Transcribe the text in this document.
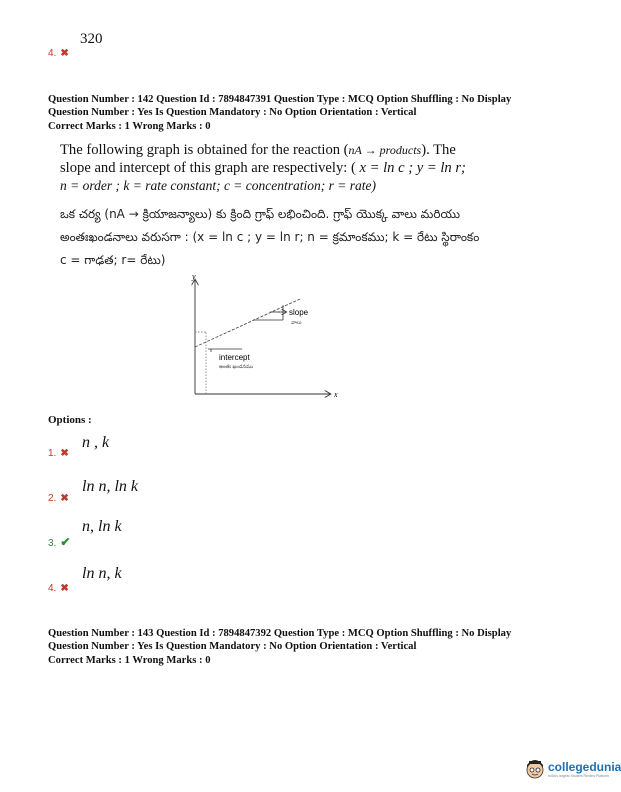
4. ✖
320
Question Number : 142 Question Id : 7894847391 Question Type : MCQ Option Shuffling : No Display
Question Number : Yes Is Question Mandatory : No Option Orientation : Vertical
Correct Marks : 1 Wrong Marks : 0
The following graph is obtained for the reaction (nA → products). The
slope and intercept of this graph are respectively: ( x = ln c ; y = ln r;
n = order ; k = rate constant; c = concentration; r = rate)
ఒక చర్య (nA → క్రియాజన్యాలు) కు క్రింది గ్రాఫ్ లభించింది. గ్రాఫ్ యొక్క వాలు మరియు
అంతఃఖండనాలు వరుసగా : (x = ln c ; y = ln r; n = క్రమాంకము; k = రేటు స్థిరాంకం
c = గాఢత; r= రేటు)
y
x
slope
వాలు
intercept
అంతః ఖండనము
Options :
1. ✖
n , k
2. ✖
ln n, ln k
3. ✔
n, ln k
4. ✖
ln n, k
Question Number : 143 Question Id : 7894847392 Question Type : MCQ Option Shuffling : No Display
Question Number : Yes Is Question Mandatory : No Option Orientation : Vertical
Correct Marks : 1 Wrong Marks : 0
collegedunia
India's largest Student Review Platform
